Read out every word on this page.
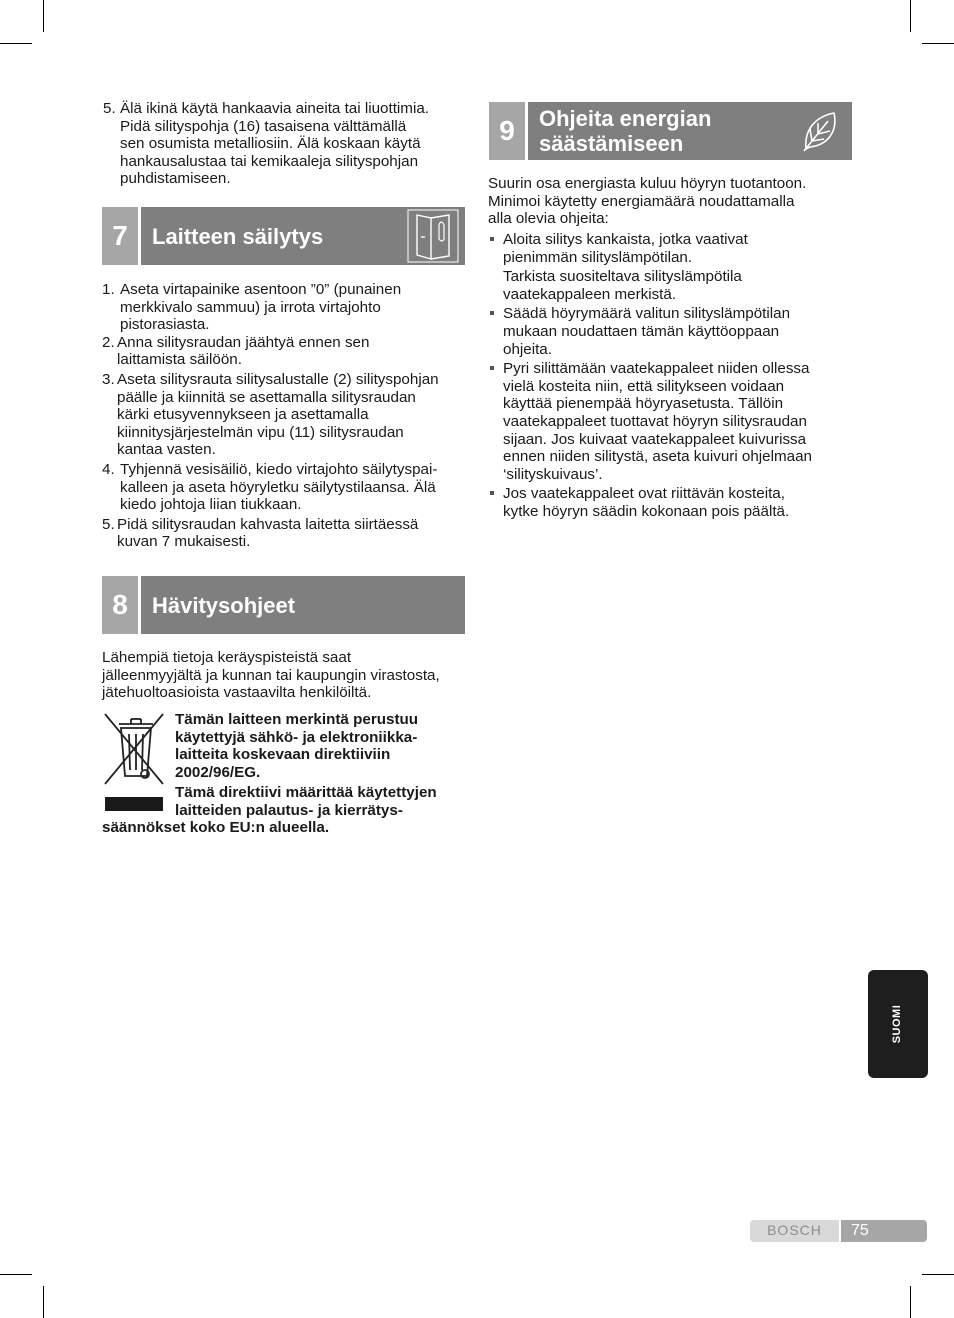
5. Älä ikinä käytä hankaavia aineita tai liuottimia.
Pidä silityspohja (16) tasaisena välttämällä
sen osumista metalliosiin. Älä koskaan käytä
hankausalustaa tai kemikaaleja silityspohjan
puhdistamiseen.
7	Laitteen säilytys
1. Aseta virtapainike asentoon ”0” (punainen
merkkivalo sammuu) ja irrota virtajohto
pistorasiasta.
2. Anna silitysraudan jäähtyä ennen sen
laittamista säilöön.
3. Aseta silitysrauta silitysalustalle (2) silityspohjan
päälle ja kiinnitä se asettamalla silitysraudan
kärki etusyvennykseen ja asettamalla
kiinnitysjärjestelmän vipu (11) silitysraudan
kantaa vasten.
4. Tyhjennä vesisäiliö, kiedo virtajohto säilytyspai-
kalleen ja aseta höyryletku säilytystilaansa. Älä
kiedo johtoja liian tiukkaan.
5. Pidä silitysraudan kahvasta laitetta siirtäessä
kuvan 7 mukaisesti.
8	Hävitysohjeet
Lähempiä tietoja keräyspisteistä saat
jälleenmyyjältä ja kunnan tai kaupungin virastosta,
jätehuoltoasioista vastaavilta henkilöiltä.
Tämän laitteen merkintä perustuu
käytettyjä sähkö- ja elektroniikka-
laitteita koskevaan direktiiviin
2002/96/EG.
Tämä direktiivi määrittää käytettyjen
laitteiden palautus- ja kierrätys-
säännökset koko EU:n alueella.
9	Ohjeita energian
säästämiseen
Suurin osa energiasta kuluu höyryn tuotantoon.
Minimoi käytetty energiamäärä noudattamalla
alla olevia ohjeita:
Aloita silitys kankaista, jotka vaativat
pienimmän silityslämpötilan.
Tarkista suositeltava silityslämpötila
vaatekappaleen merkistä.
Säädä höyrymäärä valitun silityslämpötilan
mukaan noudattaen tämän käyttöoppaan
ohjeita.
Pyri silittämään vaatekappaleet niiden ollessa
vielä kosteita niin, että silitykseen voidaan
käyttää pienempää höyryasetusta. Tällöin
vaatekappaleet tuottavat höyryn silitysraudan
sijaan. Jos kuivaat vaatekappaleet kuivurissa
ennen niiden silitystä, aseta kuivuri ohjelmaan
‘silityskuivaus’.
Jos vaatekappaleet ovat riittävän kosteita,
kytke höyryn säädin kokonaan pois päältä.
SUOMI
BOSCH 75
